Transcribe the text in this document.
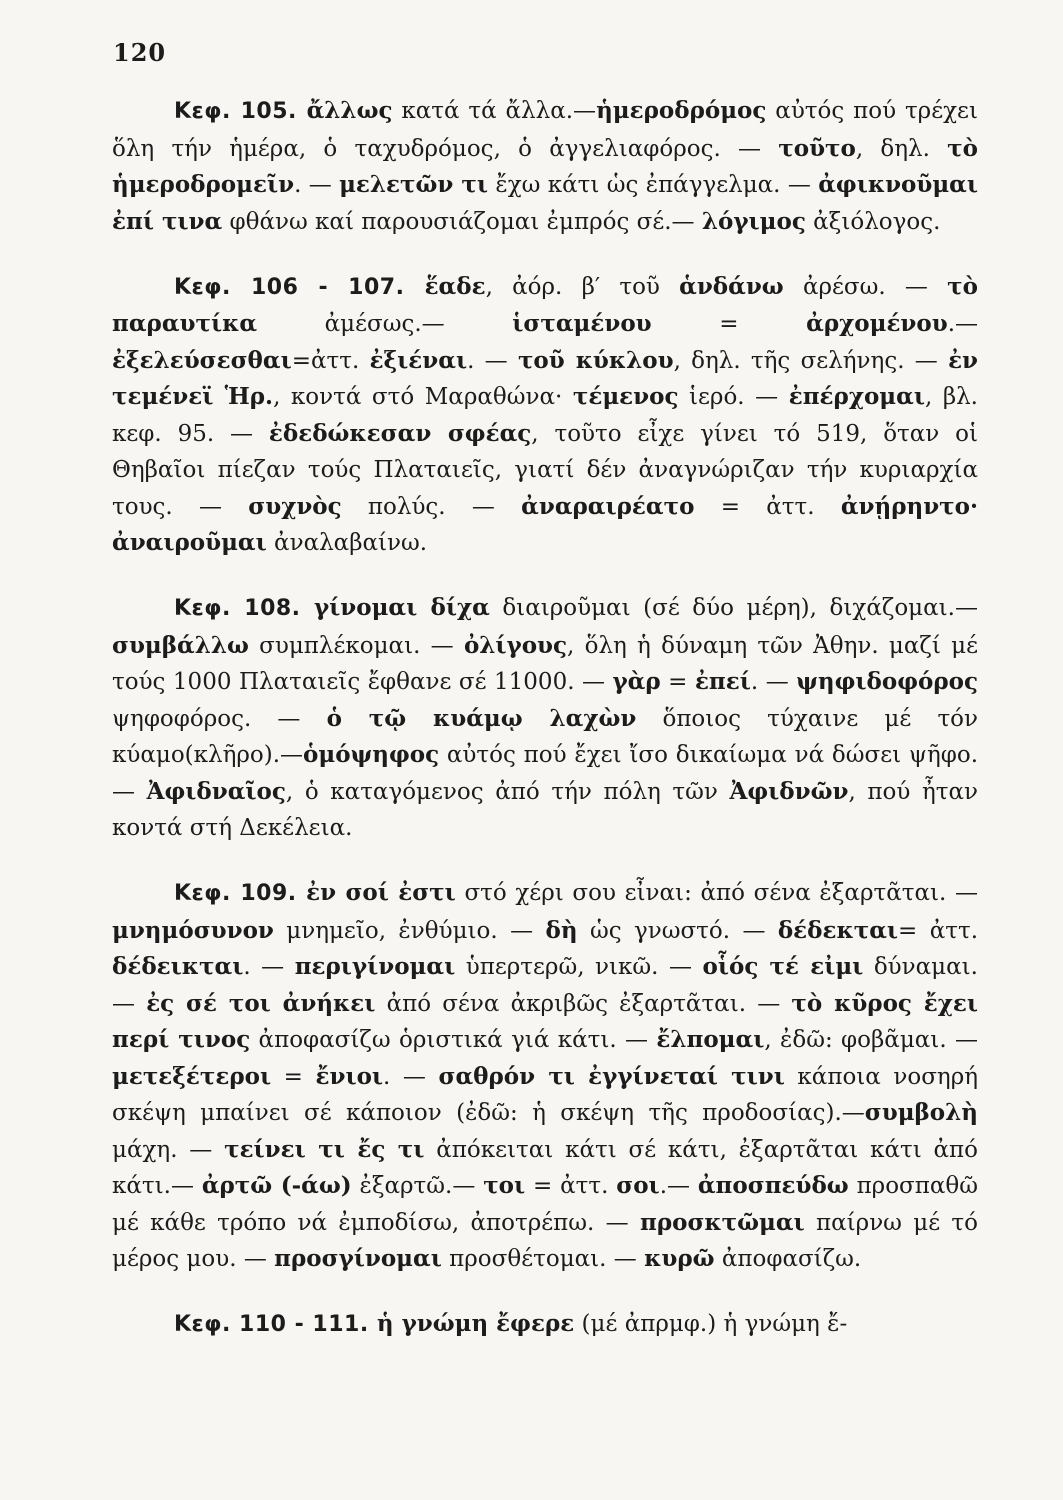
120

Κεφ. 105. ἄλλως κατά τά ἄλλα.—ἡμεροδρόμος αὐτός πού τρέχει ὅλη τήν ἡμέρα, ὁ ταχυδρόμος, ὁ ἀγγελιαφόρος. — τοῦτο, δηλ. τὸ ἡμεροδρομεῖν. — μελετῶν τι ἔχω κάτι ὡς ἐπάγγελμα. — ἀφικνοῦμαι ἐπί τινα φθάνω καί παρουσιάζομαι ἐμπρός σέ.— λόγιμος ἀξιόλογος.

Κεφ. 106 - 107. ἕαδε, ἀόρ. β′ τοῦ ἁνδάνω ἀρέσω. — τὸ παραυτίκα ἀμέσως.— ἱσταμένου = ἀρχομένου.— ἐξελεύσεσθαι=ἀττ. ἐξιέναι. — τοῦ κύκλου, δηλ. τῆς σελήνης. — ἐν τεμένεϊ Ἡρ., κοντά στό Μαραθώνα· τέμενος ἱερό. — ἐπέρχομαι, βλ. κεφ. 95. — ἐδεδώκεσαν σφέας, τοῦτο εἶχε γίνει τό 519, ὅταν οἱ Θηβαῖοι πίεζαν τούς Πλαταιεῖς, γιατί δέν ἀναγνώριζαν τήν κυριαρχία τους. — συχνὸς πολύς. — ἀναραιρέατο = ἀττ. ἀνῄρηντο· ἀναιροῦμαι ἀναλαβαίνω.

Κεφ. 108. γίνομαι δίχα διαιροῦμαι (σέ δύο μέρη), διχάζομαι.— συμβάλλω συμπλέκομαι. — ὀλίγους, ὅλη ἡ δύναμη τῶν Ἀθην. μαζί μέ τούς 1000 Πλαταιεῖς ἔφθανε σέ 11000. — γὰρ = ἐπεί. — ψηφιδοφόρος ψηφοφόρος. — ὁ τῷ κυάμῳ λαχὼν ὅποιος τύχαινε μέ τόν κύαμο(κλῆρο).—ὁμόψηφος αὐτός πού ἔχει ἴσο δικαίωμα νά δώσει ψῆφο. — Ἀφιδναῖος, ὁ καταγόμενος ἀπό τήν πόλη τῶν Ἀφιδνῶν, πού ἦταν κοντά στή Δεκέλεια.

Κεφ. 109. ἐν σοί ἐστι στό χέρι σου εἶναι: ἀπό σένα ἐξαρτᾶται. — μνημόσυνον μνημεῖο, ἐνθύμιο. — δὴ ὡς γνωστό. — δέδεκται= ἀττ. δέδεικται. — περιγίνομαι ὑπερτερῶ, νικῶ. — οἷός τέ εἰμι δύναμαι. — ἐς σέ τοι ἀνήκει ἀπό σένα ἀκριβῶς ἐξαρτᾶται. — τὸ κῦρος ἔχει περί τινος ἀποφασίζω ὁριστικά γιά κάτι. — ἔλπομαι, ἐδῶ: φοβᾶμαι. — μετεξέτεροι = ἔνιοι. — σαθρόν τι ἐγγίνεταί τινι κάποια νοσηρή σκέψη μπαίνει σέ κάποιον (ἐδῶ: ἡ σκέψη τῆς προδοσίας).—συμβολὴ μάχη. — τείνει τι ἔς τι ἀπόκειται κάτι σέ κάτι, ἐξαρτᾶται κάτι ἀπό κάτι.— ἀρτῶ (-άω) ἐξαρτῶ.— τοι = ἀττ. σοι.— ἀποσπεύδω προσπαθῶ μέ κάθε τρόπο νά ἐμποδίσω, ἀποτρέπω. — προσκτῶμαι παίρνω μέ τό μέρος μου. — προσγίνομαι προσθέτομαι. — κυρῶ ἀποφασίζω.

Κεφ. 110 - 111. ἡ γνώμη ἔφερε (μέ ἀπρμφ.) ἡ γνώμη ἔ-
